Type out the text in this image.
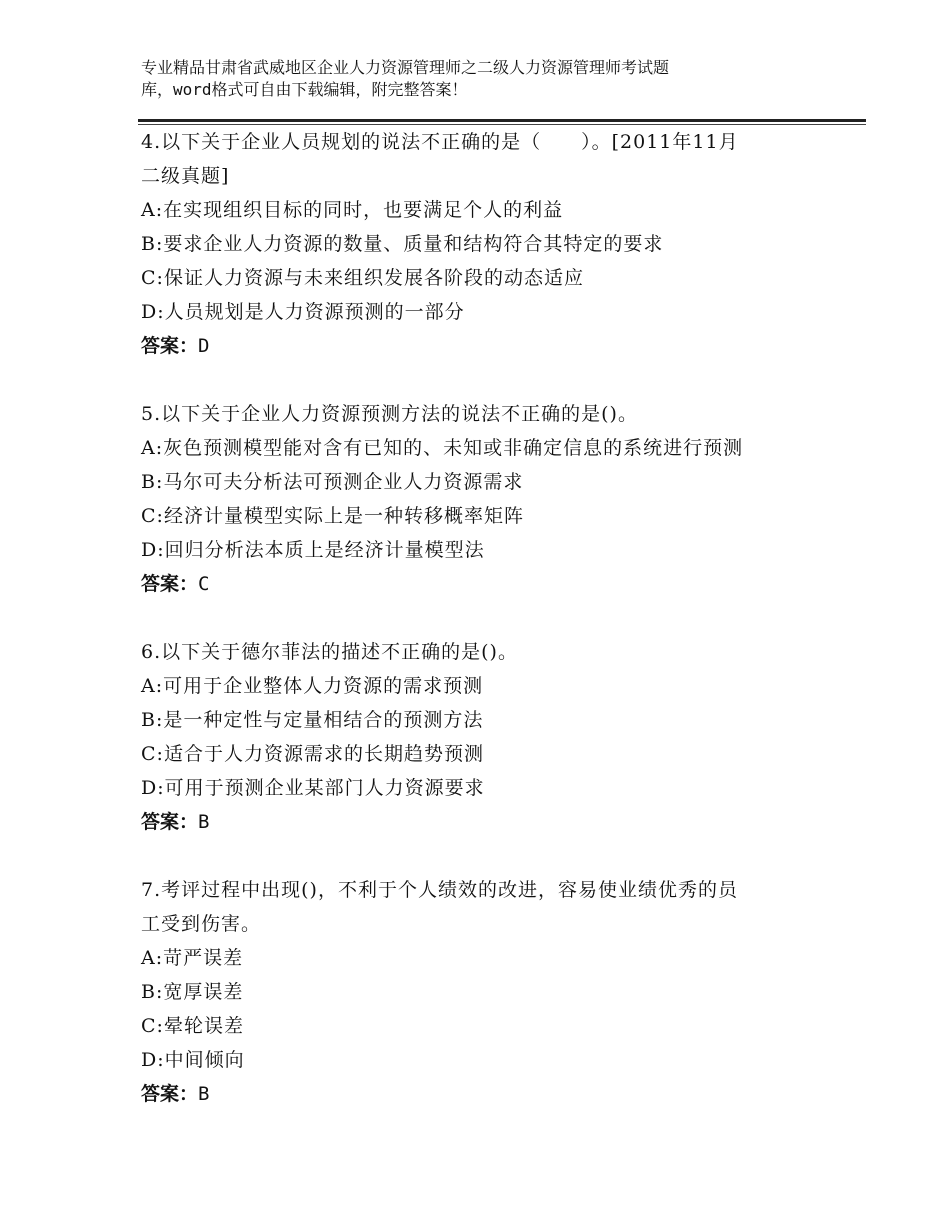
专业精品甘肃省武威地区企业人力资源管理师之二级人力资源管理师考试题
库，word格式可自由下载编辑，附完整答案！
4.以下关于企业人员规划的说法不正确的是（　　）。[2011年11月
二级真题]
A:在实现组织目标的同时，也要满足个人的利益
B:要求企业人力资源的数量、质量和结构符合其特定的要求
C:保证人力资源与未来组织发展各阶段的动态适应
D:人员规划是人力资源预测的一部分
答案：D
5.以下关于企业人力资源预测方法的说法不正确的是()。
A:灰色预测模型能对含有已知的、未知或非确定信息的系统进行预测
B:马尔可夫分析法可预测企业人力资源需求
C:经济计量模型实际上是一种转移概率矩阵
D:回归分析法本质上是经济计量模型法
答案：C
6.以下关于德尔菲法的描述不正确的是()。
A:可用于企业整体人力资源的需求预测
B:是一种定性与定量相结合的预测方法
C:适合于人力资源需求的长期趋势预测
D:可用于预测企业某部门人力资源要求
答案：B
7.考评过程中出现()，不利于个人绩效的改进，容易使业绩优秀的员
工受到伤害。
A:苛严误差
B:宽厚误差
C:晕轮误差
D:中间倾向
答案：B
